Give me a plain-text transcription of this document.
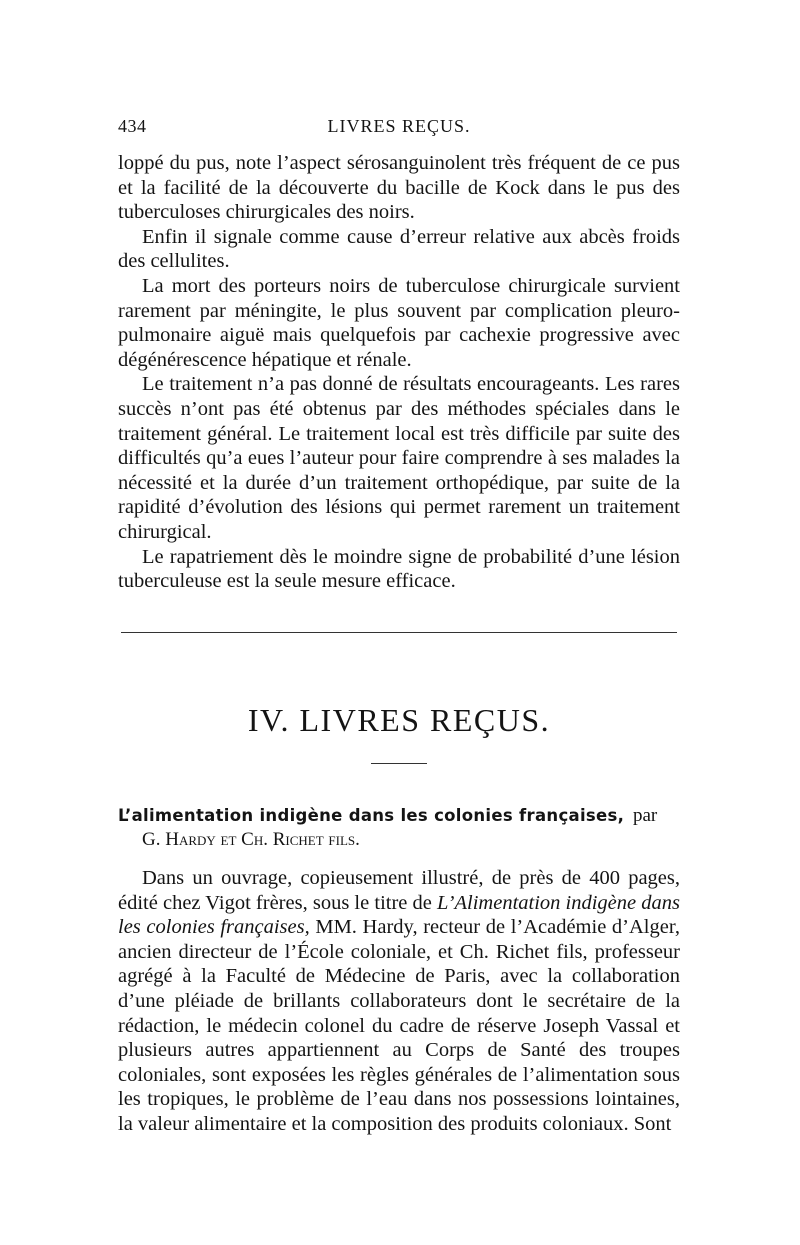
434	LIVRES REÇUS.

loppé du pus, note l’aspect sérosanguinolent très fréquent de ce pus et la facilité de la découverte du bacille de Kock dans le pus des tuberculoses chirurgicales des noirs.

Enfin il signale comme cause d’erreur relative aux abcès froids des cellulites.

La mort des porteurs noirs de tuberculose chirurgicale survient rarement par méningite, le plus souvent par complication pleuro-pulmonaire aiguë mais quelquefois par cachexie progressive avec dégénérescence hépatique et rénale.

Le traitement n’a pas donné de résultats encourageants. Les rares succès n’ont pas été obtenus par des méthodes spéciales dans le traitement général. Le traitement local est très difficile par suite des difficultés qu’a eues l’auteur pour faire comprendre à ses malades la nécessité et la durée d’un traitement orthopédique, par suite de la rapidité d’évolution des lésions qui permet rarement un traitement chirurgical.

Le rapatriement dès le moindre signe de probabilité d’une lésion tuberculeuse est la seule mesure efficace.

IV. LIVRES REÇUS.
L’alimentation indigène dans les colonies françaises, par
G. Hardy et Ch. Richet fils.

Dans un ouvrage, copieusement illustré, de près de 400 pages, édité chez Vigot frères, sous le titre de L’Alimentation indigène dans les colonies françaises, MM. Hardy, recteur de l’Académie d’Alger, ancien directeur de l’École coloniale, et Ch. Richet fils, professeur agrégé à la Faculté de Médecine de Paris, avec la collaboration d’une pléiade de brillants collaborateurs dont le secrétaire de la rédaction, le médecin colonel du cadre de réserve Joseph Vassal et plusieurs autres appartiennent au Corps de Santé des troupes coloniales, sont exposées les règles générales de l’alimentation sous les tropiques, le problème de l’eau dans nos possessions lointaines, la valeur alimentaire et la composition des produits coloniaux. Sont
